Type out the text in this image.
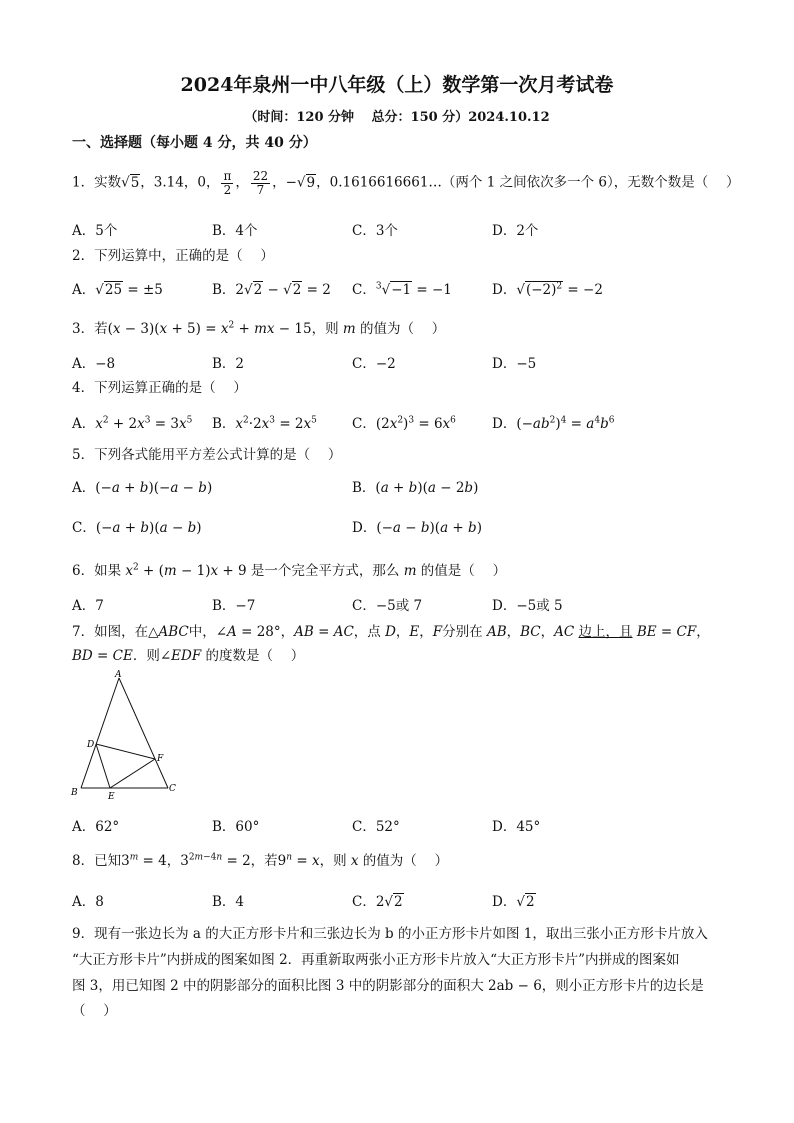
2024年泉州一中八年级（上）数学第一次月考试卷
（时间：120 分钟　 总分：150 分）2024.10.12
一、选择题（每小题 4 分，共 40 分）
1．实数√5，3.14，0， $\frac{\pi}{2}$ ， $\frac{22}{7}$ ，−√9，0.1616616661…（两个 1 之间依次多一个 6），无数个数是（　 ）
A．5个	B．4个	C．3个	D．2个
2．下列运算中，正确的是（　 ）
A．√25 = ±5	B．2√2 − √2 = 2 C．$^3$√−1 = −1	D．$√(-2)^2 = -2$
3．若$(x - 3)(x + 5) = x^2$ + mx − 15，则 m 的值为（　 ）
A．−8	B．2	C．−2	D．−5
4．下列运算正确的是（　 ）
A．$x^2 + 2x^3 = 3x^5$ B．$x^2\cdot 2x^3 = 2x^5$	C．$(2x^2)^3 = 6x^6$	D．$(-ab^2)^4 = a^4b^6$
5．下列各式能用平方差公式计算的是（　 ）
A．(−a + b)(−a − b)	B．(a + b)(a − 2b)
C．(−a + b)(a − b)	D．(−a − b)(a + b)
6．如果 $x^2 + (m - 1)x + 9$ 是一个完全平方式，那么 m 的值是（　 ）
A．7	B．−7	C．−5或 7	D．−5或 5
7．如图，在△ABC中，∠A = 28°，AB = AC，点 D，E，F分别在 AB，BC，AC 边上，且 BE = CF，
BD = CE．则∠EDF 的度数是（　 ）
A
B	C
D
E
F
A．62°	B．60°	C．52°	D．45°
8．已知$3^m = 4$，$3^{2m-4n} = 2$，若$9^n = x$，则 x 的值为（　 ）
A．8	B．4	C．2√2	D．√2
9．现有一张边长为 a 的大正方形卡片和三张边长为 b 的小正方形卡片如图 1，取出三张小正方形卡片放入
“大正方形卡片”内拼成的图案如图 2．再重新取两张小正方形卡片放入“大正方形卡片”内拼成的图案如
图 3，用已知图 2 中的阴影部分的面积比图 3 中的阴影部分的面积大 2ab − 6，则小正方形卡片的边长是
（　 ）
